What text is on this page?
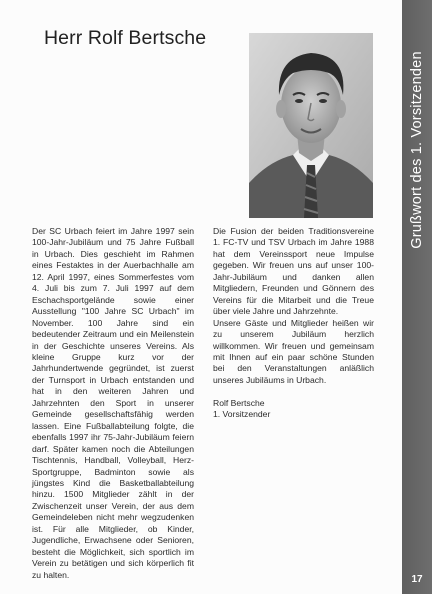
Herr Rolf Bertsche

Der SC Urbach feiert im Jahre 1997 sein 100-Jahr-Jubiläum und 75 Jahre Fußball in Urbach. Dies geschieht im Rahmen eines Festaktes in der Auerbachhalle am 12. April 1997, eines Sommerfestes vom 4. Juli bis zum 7. Juli 1997 auf dem Eschachsportgelände sowie einer Ausstellung "100 Jahre SC Urbach" im November. 100 Jahre sind ein bedeutender Zeitraum und ein Meilenstein in der Geschichte unseres Vereins. Als kleine Gruppe kurz vor der Jahrhundertwende gegründet, ist zuerst der Turnsport in Urbach entstanden und hat in den weiteren Jahren und Jahrzehnten den Sport in unserer Gemeinde gesellschaftsfähig werden lassen. Eine Fußballabteilung folgte, die ebenfalls 1997 ihr 75-Jahr-Jubiläum feiern darf. Später kamen noch die Abteilungen Tischtennis, Handball, Volleyball, Herz-Sportgruppe, Badminton sowie als jüngstes Kind die Basketballabteilung hinzu. 1500 Mitglieder zählt in der Zwischenzeit unser Verein, der aus dem Gemeindeleben nicht mehr wegzudenken ist. Für alle Mitglieder, ob Kinder, Jugendliche, Erwachsene oder Senioren, besteht die Möglichkeit, sich sportlich im Verein zu betätigen und sich körperlich fit zu halten.

Die Fusion der beiden Traditionsvereine 1. FC-TV und TSV Urbach im Jahre 1988 hat dem Vereinssport neue Impulse gegeben. Wir freuen uns auf unser 100-Jahr-Jubiläum und danken allen Mitgliedern, Freunden und Gönnern des Vereins für die Mitarbeit und die Treue über viele Jahre und Jahrzehnte.

Unsere Gäste und Mitglieder heißen wir zu unserem Jubiläum herzlich willkommen. Wir freuen und gemeinsam mit Ihnen auf ein paar schöne Stunden bei den Veranstaltungen anläßlich unseres Jubiläums in Urbach.

Rolf Bertsche

1. Vorsitzender

Grußwort des 1. Vorsitzenden
17
